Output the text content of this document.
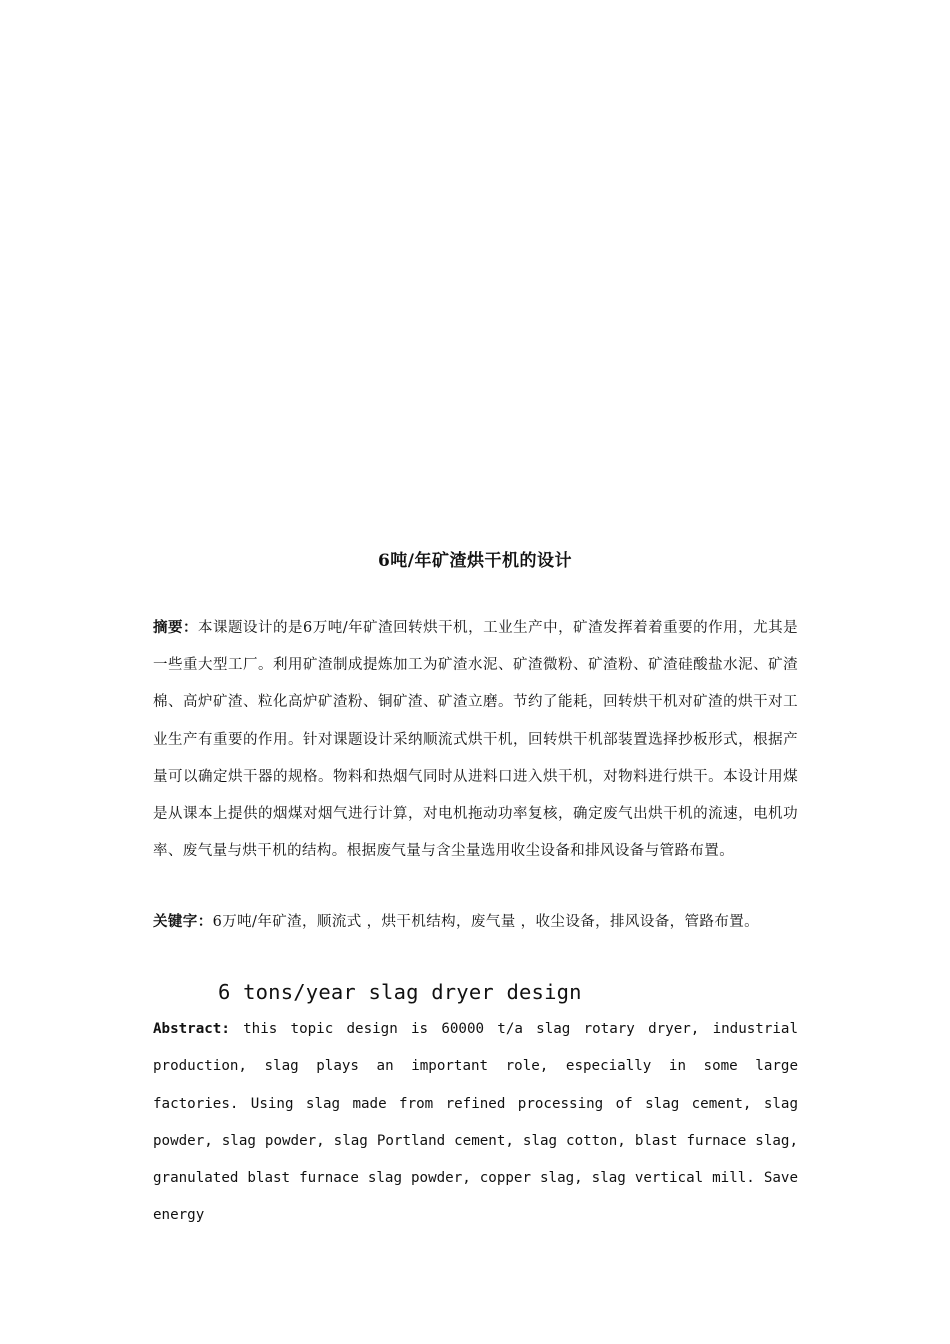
6吨/年矿渣烘干机的设计
摘要：本课题设计的是6万吨/年矿渣回转烘干机，工业生产中，矿渣发挥着着重要的作用，尤其是一些重大型工厂。利用矿渣制成提炼加工为矿渣水泥、矿渣微粉、矿渣粉、矿渣硅酸盐水泥、矿渣棉、高炉矿渣、粒化高炉矿渣粉、铜矿渣、矿渣立磨。节约了能耗，回转烘干机对矿渣的烘干对工业生产有重要的作用。针对课题设计采纳顺流式烘干机，回转烘干机部装置选择抄板形式，根据产量可以确定烘干器的规格。物料和热烟气同时从进料口进入烘干机，对物料进行烘干。本设计用煤是从课本上提供的烟煤对烟气进行计算，对电机拖动功率复核，确定废气出烘干机的流速，电机功率、废气量与烘干机的结构。根据废气量与含尘量选用收尘设备和排风设备与管路布置。
关键字：6万吨/年矿渣，顺流式 ，烘干机结构，废气量 ，收尘设备，排风设备，管路布置。
6 tons/year slag dryer design
Abstract: this topic design is 60000 t/a slag rotary dryer, industrial production, slag plays an important role, especially in some large factories. Using slag made from refined processing of slag cement, slag powder, slag powder, slag Portland cement, slag cotton, blast furnace slag, granulated blast furnace slag powder, copper slag, slag vertical mill. Save energy
